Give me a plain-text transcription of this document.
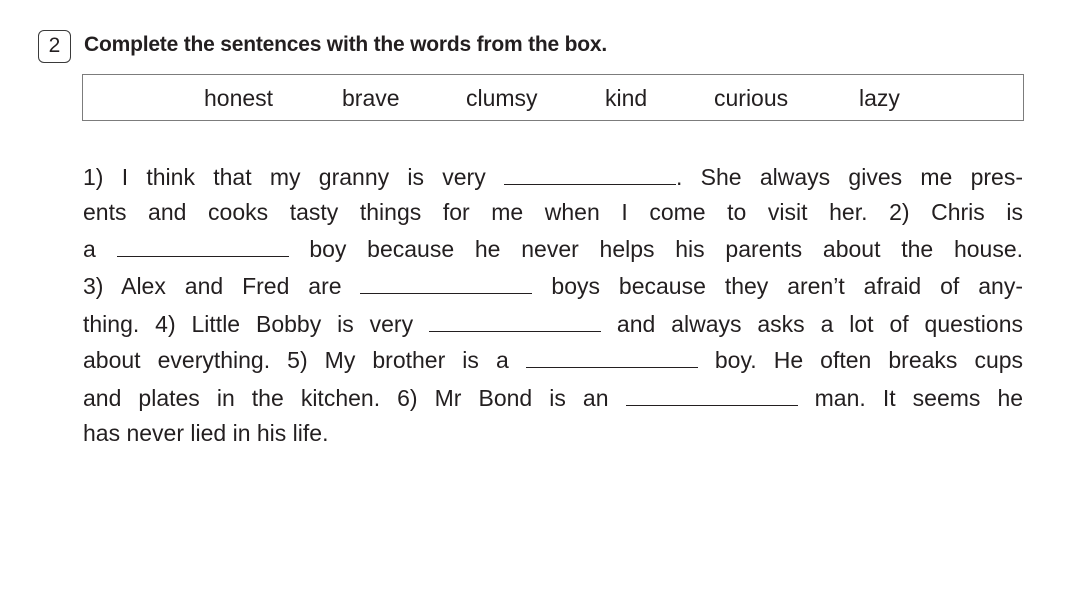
2	Complete the sentences with the words from the box.
honest	brave	clumsy	kind	curious	lazy
1) I think that my granny is very	. She always gives me pres-
ents and cooks tasty things for me when I come to visit her. 2) Chris is
a	boy because he never helps his parents about the house.
3) Alex and Fred are	boys because they aren’t afraid of any-
thing. 4) Little Bobby is very	and always asks a lot of questions
about everything. 5) My brother is a	boy. He often breaks cups
and plates in the kitchen. 6) Mr Bond is an	man. It seems he
has never lied in his life.
